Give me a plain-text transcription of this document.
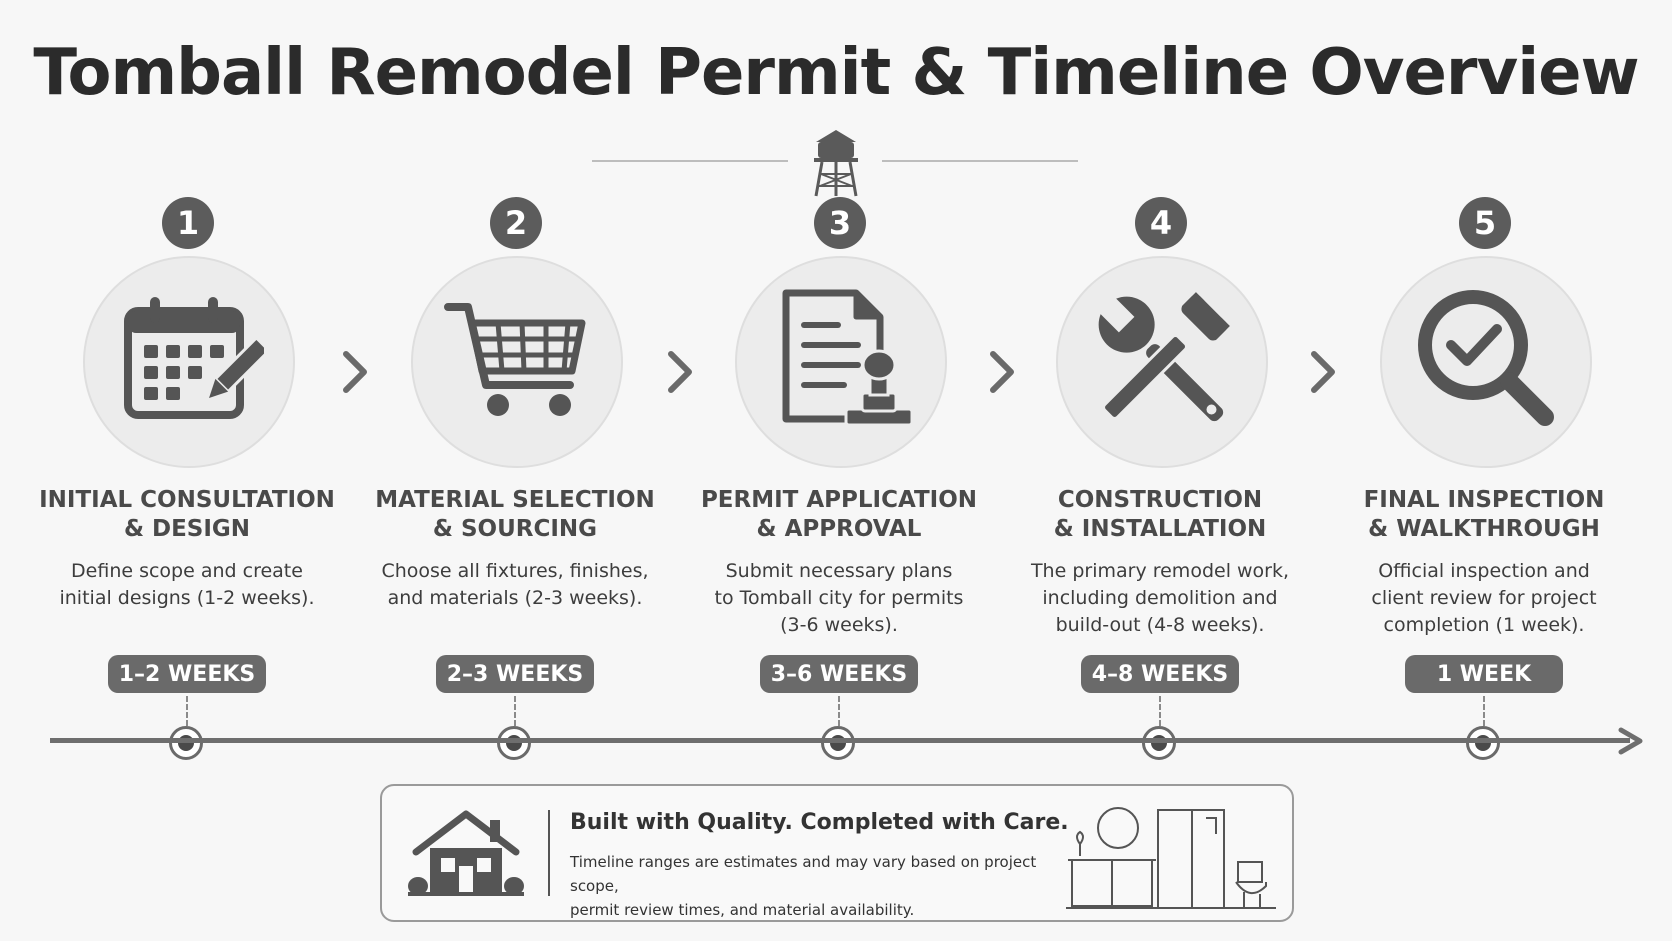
Tomball Remodel Permit & Timeline Overview
1
INITIAL CONSULTATION
& DESIGN
Define scope and create
initial designs (1-2 weeks).
1–2 WEEKS
2
MATERIAL SELECTION
& SOURCING
Choose all fixtures, finishes,
and materials (2-3 weeks).
2–3 WEEKS
3
PERMIT APPLICATION
& APPROVAL
Submit necessary plans
to Tomball city for permits
(3-6 weeks).
3–6 WEEKS
4
CONSTRUCTION
& INSTALLATION
The primary remodel work,
including demolition and
build-out (4-8 weeks).
4–8 WEEKS
5
FINAL INSPECTION
& WALKTHROUGH
Official inspection and
client review for project
completion (1 week).
1 WEEK
Built with Quality. Completed with Care.
Timeline ranges are estimates and may vary based on project scope,
permit review times, and material availability.
